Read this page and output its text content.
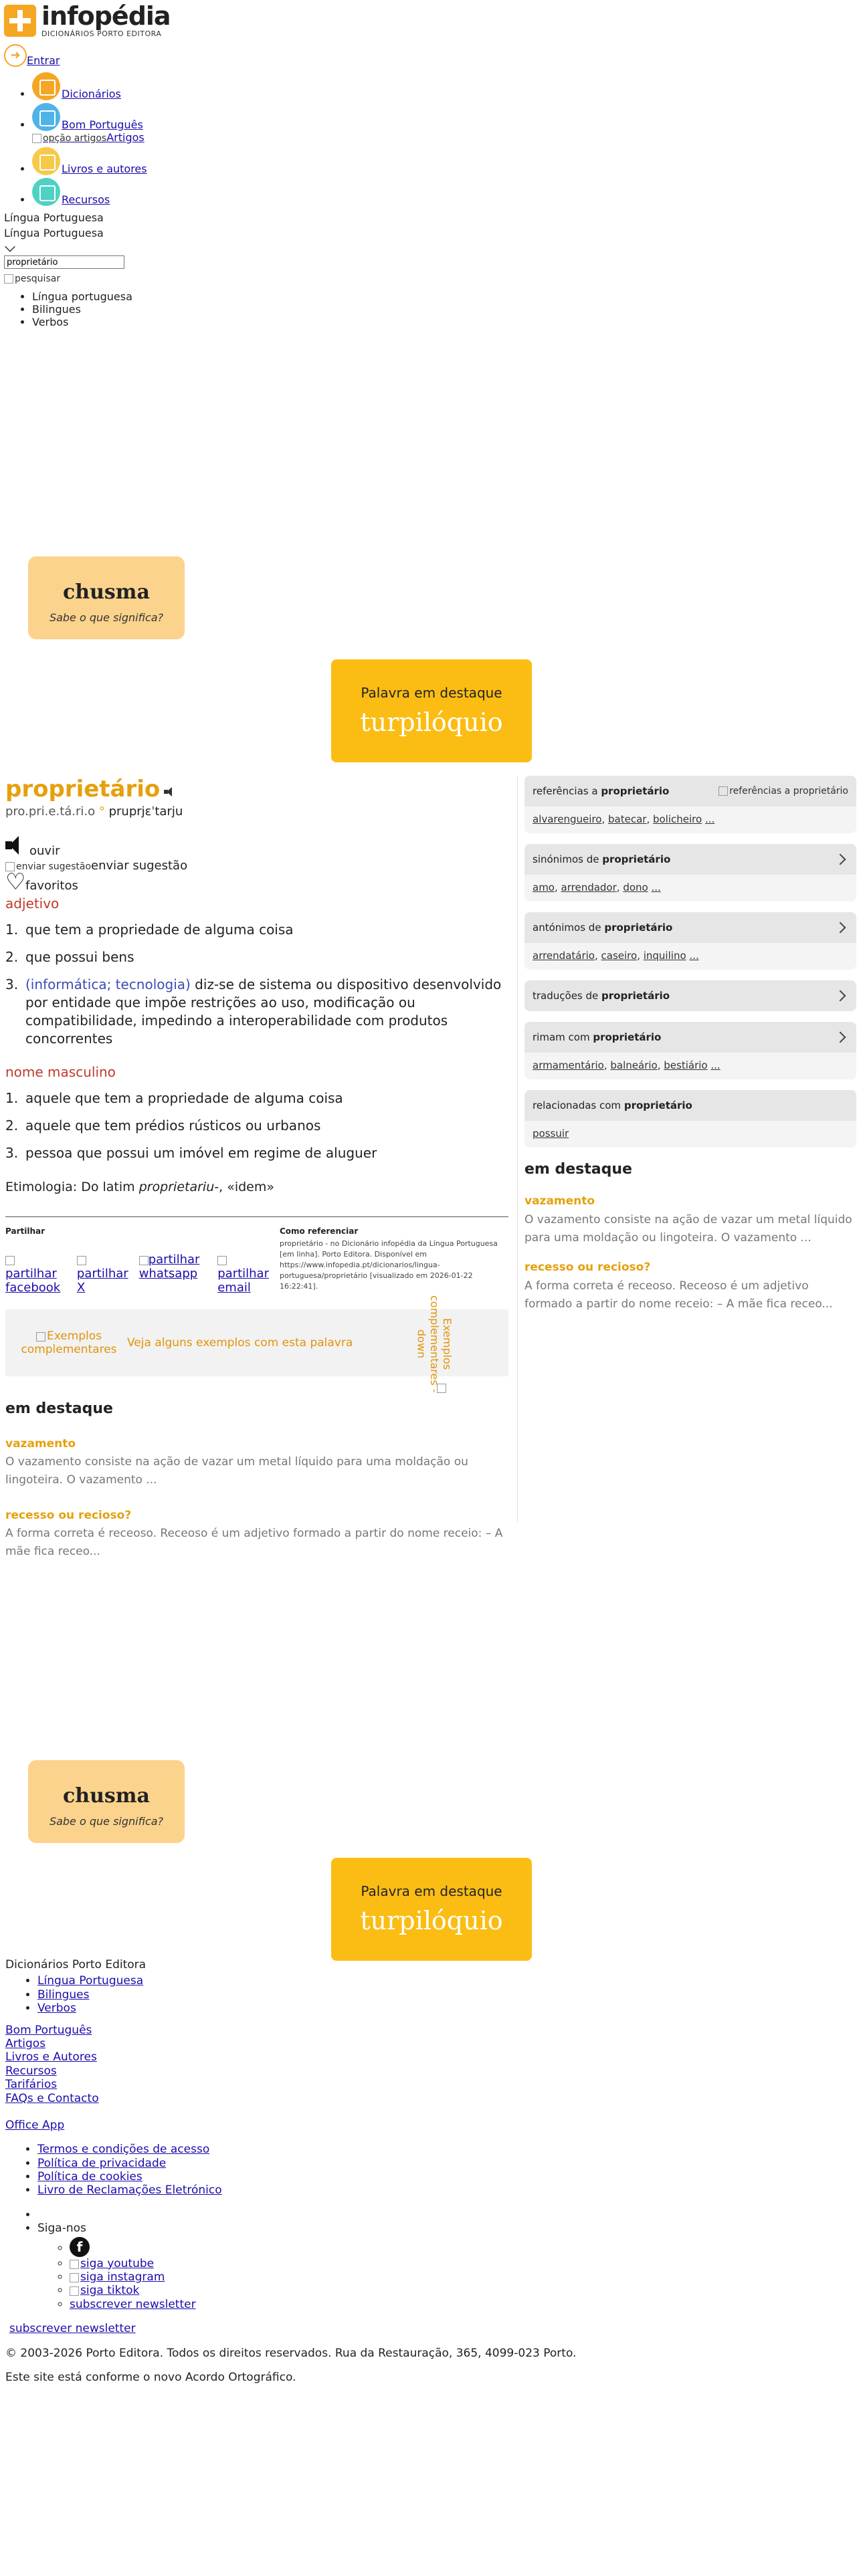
infopédia
DICIONÁRIOS PORTO EDITORA
➜ Entrar
• Dicionários
• Bom Português
opção artigosArtigos
• Livros e autores
• Recursos
Língua Portuguesa
Língua Portuguesa
proprietário
pesquisar
• Língua portuguesa
• Bilingues
• Verbos
chusma
Sabe o que significa?
Palavra em destaque
turpilóquio
proprietário
pro.pri.e.tá.ri.o ° pruprjɛˈtarju
ouvir
enviar sugestãoenviar sugestão
♡favoritos
adjetivo
1. que tem a propriedade de alguma coisa
2. que possui bens
3. (informática; tecnologia) diz-se de sistema ou dispositivo desenvolvido por entidade que impõe restrições ao uso, modificação ou compatibilidade, impedindo a interoperabilidade com produtos concorrentes
nome masculino
1. aquele que tem a propriedade de alguma coisa
2. aquele que tem prédios rústicos ou urbanos
3. pessoa que possui um imóvel em regime de aluguer
Etimologia: Do latim proprietariu-, «idem»
Partilhar

partilhar facebook

partilhar X
partilhar whatsapp	partilhar email
Como referenciar
proprietário - no Dicionário infopédia da Língua Portuguesa [em linha]. Porto Editora. Disponível em https://www.infopedia.pt/dicionarios/lingua-portuguesa/proprietário [visualizado em 2026-01-22 16:22:41].
Exemplos complementares
Veja alguns exemplos com esta palavra	Exemplos complementares - down
em destaque
vazamento
O vazamento consiste na ação de vazar um metal líquido para uma moldação ou lingoteira. O vazamento ...
recesso ou recioso?
A forma correta é receoso. Receoso é um adjetivo formado a partir do nome receio: – A mãe fica receo...
referências a proprietário	referências a proprietário
alvarengueiro, batecar, bolicheiro ...
sinónimos de proprietário
amo, arrendador, dono ...
antónimos de proprietário
arrendatário, caseiro, inquilino ...
traduções de proprietário
rimam com proprietário
armamentário, balneário, bestiário ...
relacionadas com proprietário
possuir
em destaque
vazamento
O vazamento consiste na ação de vazar um metal líquido para uma moldação ou lingoteira. O vazamento ...
recesso ou recioso?
A forma correta é receoso. Receoso é um adjetivo formado a partir do nome receio: – A mãe fica receo...
chusma
Sabe o que significa?
Palavra em destaque
turpilóquio
Dicionários Porto Editora
• Língua Portuguesa
• Bilingues
• Verbos
Bom Português
Artigos
Livros e Autores
Recursos
Tarifários
FAQs e Contacto
Office App
• Termos e condições de acesso
• Política de privacidade
• Política de cookies
• Livro de Reclamações Eletrónico
•
• Siga-nos
◦ f
◦ siga youtube
◦ siga instagram
◦ siga tiktok
◦ subscrever newsletter
subscrever newsletter
© 2003-2026 Porto Editora. Todos os direitos reservados. Rua da Restauração, 365, 4099-023 Porto.
Este site está conforme o novo Acordo Ortográfico.
